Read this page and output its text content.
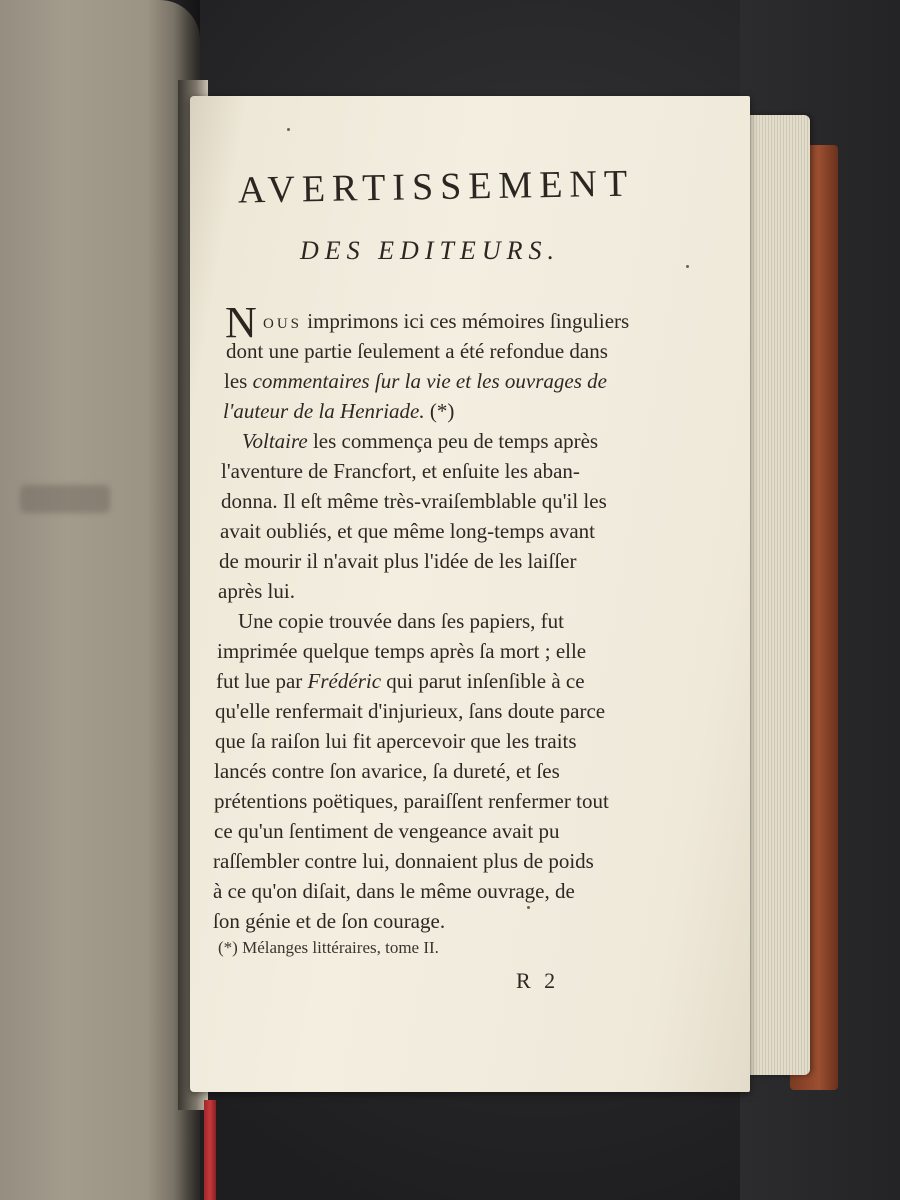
AVERTISSEMENT
DES EDITEURS.
N OUS imprimons ici ces mémoires ſinguliers
dont une partie ſeulement a été refondue dans
les commentaires ſur la vie et les ouvrages de
l'auteur de la Henriade. (*)
Voltaire les commença peu de temps après
l'aventure de Francfort, et enſuite les aban-
donna. Il eſt même très-vraiſemblable qu'il les
avait oubliés, et que même long-temps avant
de mourir il n'avait plus l'idée de les laiſſer
après lui.
Une copie trouvée dans ſes papiers, fut
imprimée quelque temps après ſa mort ; elle
fut lue par Frédéric qui parut inſenſible à ce
qu'elle renfermait d'injurieux, ſans doute parce
que ſa raiſon lui fit apercevoir que les traits
lancés contre ſon avarice, ſa dureté, et ſes
prétentions poëtiques, paraiſſent renfermer tout
ce qu'un ſentiment de vengeance avait pu
raſſembler contre lui, donnaient plus de poids
à ce qu'on diſait, dans le même ouvrage, de
ſon génie et de ſon courage.
(*) Mélanges littéraires, tome II.
R 2
